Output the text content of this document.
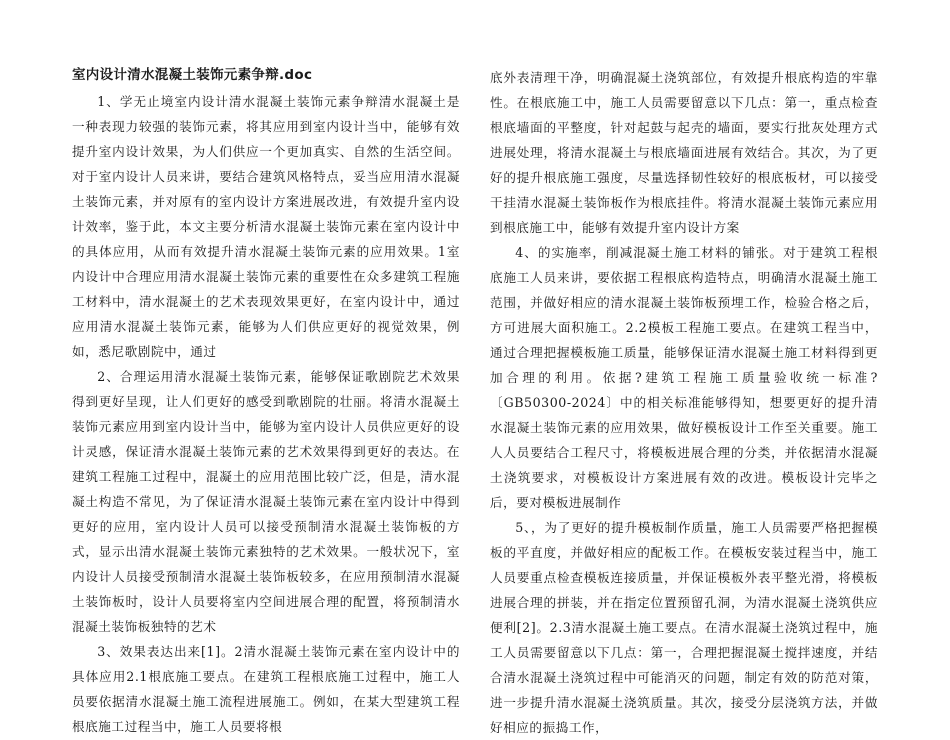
室内设计清水混凝土装饰元素争辩.doc

1、学无止境室内设计清水混凝土装饰元素争辩清水混凝土是一种表现力较强的装饰元素，将其应用到室内设计当中，能够有效提升室内设计效果，为人们供应一个更加真实、自然的生活空间。对于室内设计人员来讲，要结合建筑风格特点，妥当应用清水混凝土装饰元素，并对原有的室内设计方案进展改进，有效提升室内设计效率，鉴于此，本文主要分析清水混凝土装饰元素在室内设计中的具体应用，从而有效提升清水混凝土装饰元素的应用效果。1室内设计中合理应用清水混凝土装饰元素的重要性在众多建筑工程施工材料中，清水混凝土的艺术表现效果更好，在室内设计中，通过应用清水混凝土装饰元素，能够为人们供应更好的视觉效果，例如，悉尼歌剧院中，通过

2、合理运用清水混凝土装饰元素，能够保证歌剧院艺术效果得到更好呈现，让人们更好的感受到歌剧院的壮丽。将清水混凝土装饰元素应用到室内设计当中，能够为室内设计人员供应更好的设计灵感，保证清水混凝土装饰元素的艺术效果得到更好的表达。在建筑工程施工过程中，混凝土的应用范围比较广泛，但是，清水混凝土构造不常见，为了保证清水混凝土装饰元素在室内设计中得到更好的应用，室内设计人员可以接受预制清水混凝土装饰板的方式，显示出清水混凝土装饰元素独特的艺术效果。一般状况下，室内设计人员接受预制清水混凝土装饰板较多，在应用预制清水混凝土装饰板时，设计人员要将室内空间进展合理的配置，将预制清水混凝土装饰板独特的艺术

3、效果表达出来[1]。2清水混凝土装饰元素在室内设计中的具体应用2.1根底施工要点。在建筑工程根底施工过程中，施工人员要依据清水混凝土施工流程进展施工。例如，在某大型建筑工程根底施工过程当中，施工人员要将根

底外表清理干净，明确混凝土浇筑部位，有效提升根底构造的牢靠性。在根底施工中，施工人员需要留意以下几点：第一，重点检查根底墙面的平整度，针对起鼓与起壳的墙面，要实行批灰处理方式进展处理，将清水混凝土与根底墙面进展有效结合。其次，为了更好的提升根底施工强度，尽量选择韧性较好的根底板材，可以接受干挂清水混凝土装饰板作为根底挂件。将清水混凝土装饰元素应用到根底施工中，能够有效提升室内设计方案

4、的实施率，削减混凝土施工材料的铺张。对于建筑工程根底施工人员来讲，要依据工程根底构造特点，明确清水混凝土施工范围，并做好相应的清水混凝土装饰板预埋工作，检验合格之后，方可进展大面积施工。2.2模板工程施工要点。在建筑工程当中，通过合理把握模板施工质量，能够保证清水混凝土施工材料得到更加合理的利用。依据?建筑工程施工质量验收统一标准?〔GB50300-2024〕中的相关标准能够得知，想要更好的提升清水混凝土装饰元素的应用效果，做好模板设计工作至关重要。施工人人员要结合工程尺寸，将模板进展合理的分类，并依据清水混凝土浇筑要求，对模板设计方案进展有效的改进。模板设计完毕之后，要对模板进展制作

5、，为了更好的提升模板制作质量，施工人员需要严格把握模板的平直度，并做好相应的配板工作。在模板安装过程当中，施工人员要重点检查模板连接质量，并保证模板外表平整光滑，将模板进展合理的拼装，并在指定位置预留孔洞，为清水混凝土浇筑供应便利[2]。2.3清水混凝土施工要点。在清水混凝土浇筑过程中，施工人员需要留意以下几点：第一，合理把握混凝土搅拌速度，并结合清水混凝土浇筑过程中可能消灭的问题，制定有效的防范对策，进一步提升清水混凝土浇筑质量。其次，接受分层浇筑方法，并做好相应的振捣工作，
